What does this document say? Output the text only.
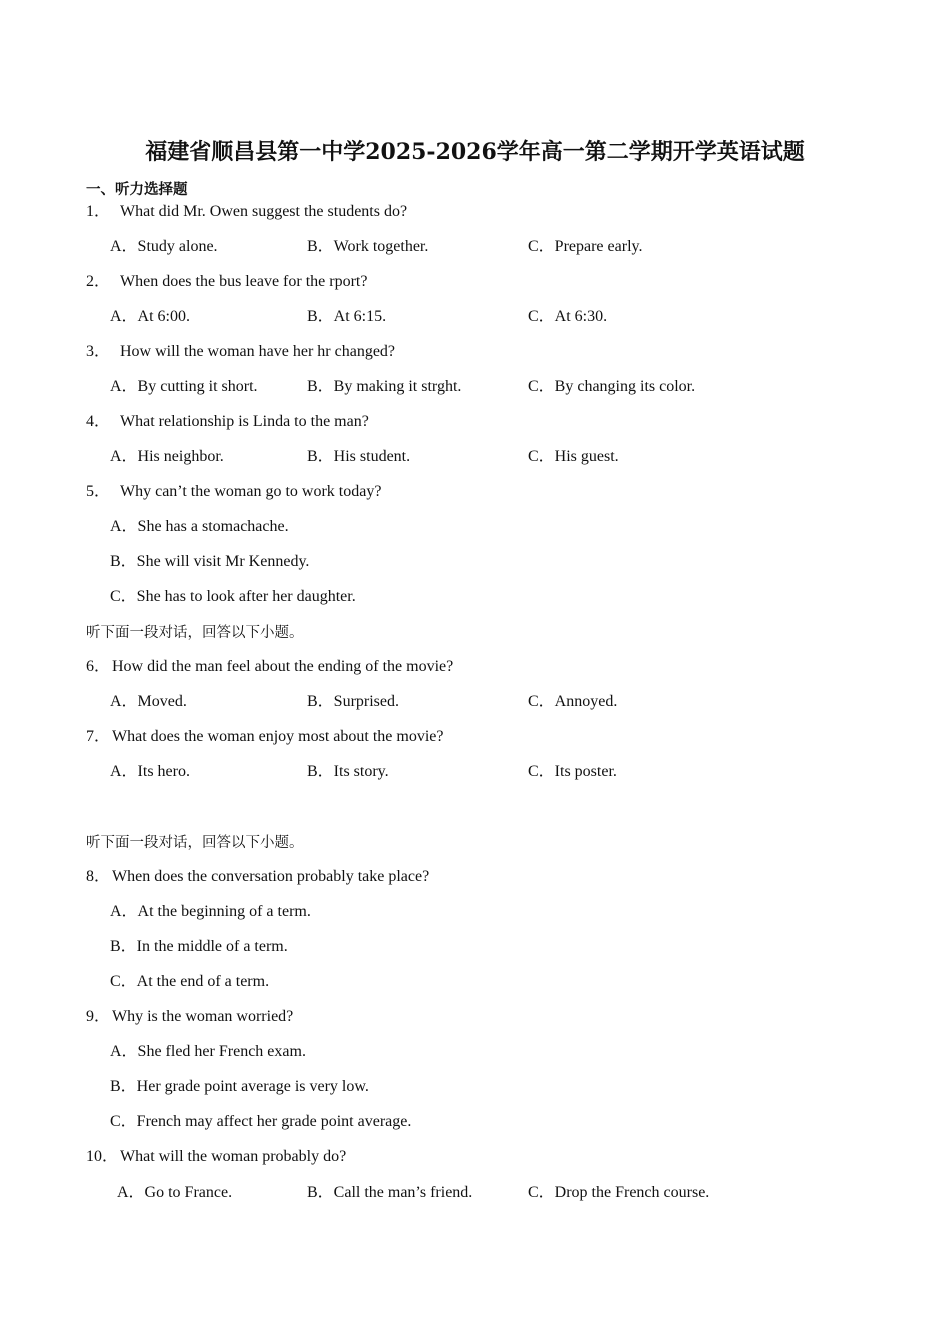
福建省顺昌县第一中学2025-2026学年高一第二学期开学英语试题
一、听力选择题
1． What did Mr. Owen suggest the students do?
A．Study alone.	B．Work together.	C．Prepare early.
2． When does the bus leave for the rport?
A．At 6:00.	B．At 6:15.	C．At 6:30.
3． How will the woman have her hr changed?
A．By cutting it short.	B．By making it strght.	C．By changing its color.
4． What relationship is Linda to the man?
A．His neighbor.	B．His student.	C．His guest.
5． Why can’t the woman go to work today?
A．She has a stomachache.
B．She will visit Mr Kennedy.
C．She has to look after her daughter.
听下面一段对话，回答以下小题。
6． How did the man feel about the ending of the movie?
A．Moved.	B．Surprised.	C．Annoyed.
7． What does the woman enjoy most about the movie?
A．Its hero.	B．Its story.	C．Its poster.
听下面一段对话，回答以下小题。
8． When does the conversation probably take place?
A．At the beginning of a term.
B．In the middle of a term.
C．At the end of a term.
9． Why is the woman worried?
A．She fled her French exam.
B．Her grade point average is very low.
C．French may affect her grade point average.
10． What will the woman probably do?
A．Go to France.	B．Call the man’s friend.	C．Drop the French course.
